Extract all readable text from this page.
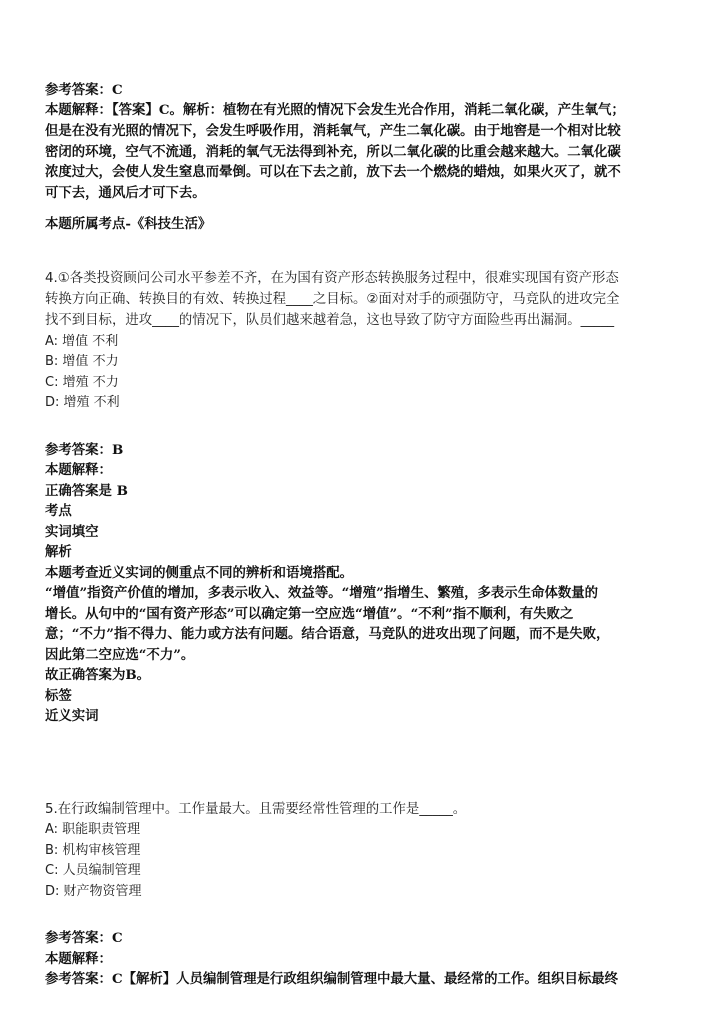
参考答案：C
本题解释：【答案】C。解析：植物在有光照的情况下会发生光合作用，消耗二氧化碳，产生氧气；
但是在没有光照的情况下，会发生呼吸作用，消耗氧气，产生二氧化碳。由于地窖是一个相对比较
密闭的环境，空气不流通，消耗的氧气无法得到补充，所以二氧化碳的比重会越来越大。二氧化碳
浓度过大，会使人发生窒息而晕倒。可以在下去之前，放下去一个燃烧的蜡烛，如果火灭了，就不
可下去，通风后才可下去。
本题所属考点-《科技生活》
4.①各类投资顾问公司水平参差不齐，在为国有资产形态转换服务过程中，很难实现国有资产形态
转换方向正确、转换目的有效、转换过程____之目标。②面对对手的顽强防守，马竞队的进攻完全
找不到目标，进攻____的情况下，队员们越来越着急，这也导致了防守方面险些再出漏洞。_____
A: 增值 不利
B: 增值 不力
C: 增殖 不力
D: 增殖 不利
参考答案：B
本题解释：
正确答案是 B
考点
实词填空
解析
本题考查近义实词的侧重点不同的辨析和语境搭配。
“增值”指资产价值的增加，多表示收入、效益等。“增殖”指增生、繁殖，多表示生命体数量的
增长。从句中的“国有资产形态”可以确定第一空应选“增值”。“不利”指不顺利，有失败之
意；“不力”指不得力、能力或方法有问题。结合语意，马竞队的进攻出现了问题，而不是失败，
因此第二空应选“不力”。
故正确答案为B。
标签
近义实词
5.在行政编制管理中。工作量最大。且需要经常性管理的工作是_____。
A: 职能职责管理
B: 机构审核管理
C: 人员编制管理
D: 财产物资管理
参考答案：C
本题解释：
参考答案：C【解析】人员编制管理是行政组织编制管理中最大量、最经常的工作。组织目标最终
